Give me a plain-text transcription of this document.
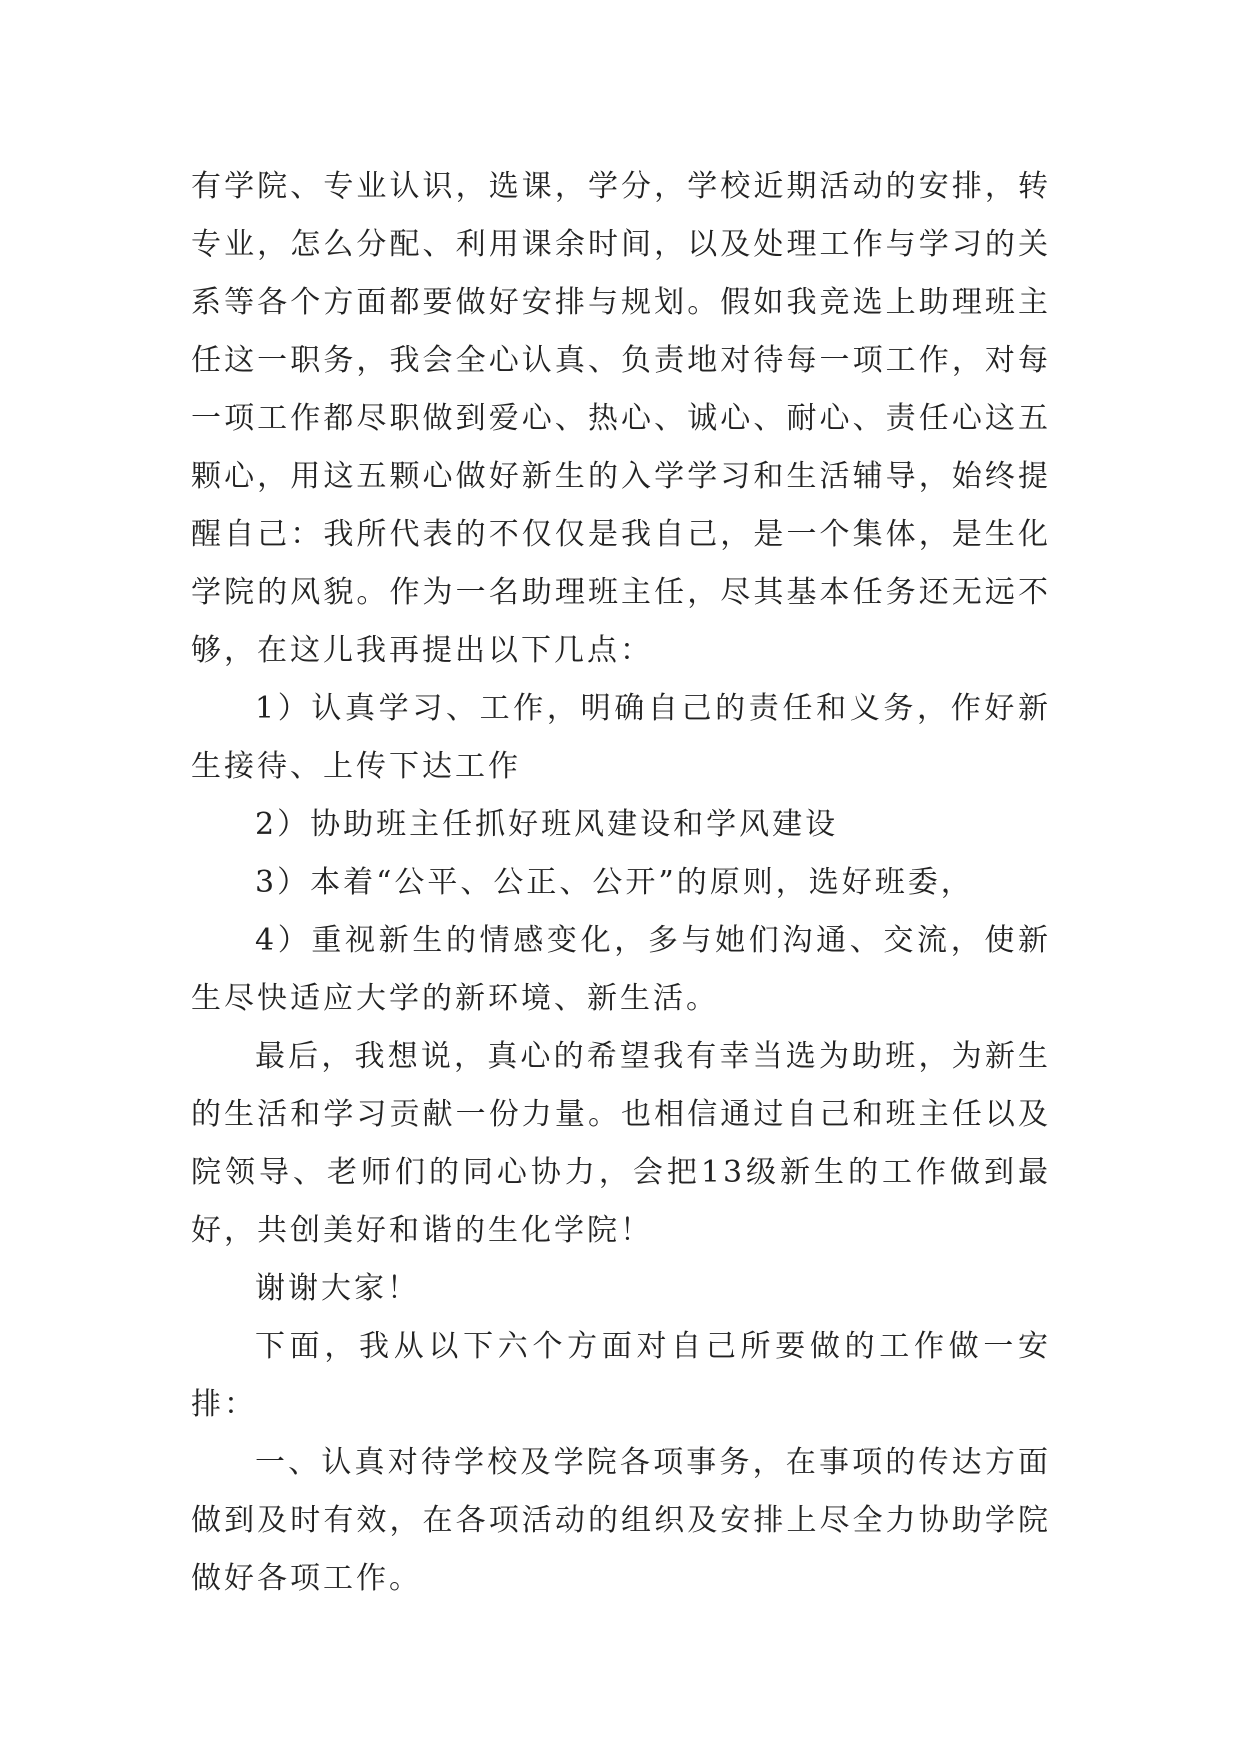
有学院、专业认识，选课，学分，学校近期活动的安排，转专业，怎么分配、利用课余时间，以及处理工作与学习的关系等各个方面都要做好安排与规划。假如我竞选上助理班主任这一职务，我会全心认真、负责地对待每一项工作，对每一项工作都尽职做到爱心、热心、诚心、耐心、责任心这五颗心，用这五颗心做好新生的入学学习和生活辅导，始终提醒自己：我所代表的不仅仅是我自己，是一个集体，是生化学院的风貌。作为一名助理班主任，尽其基本任务还无远不够，在这儿我再提出以下几点：

1）认真学习、工作，明确自己的责任和义务，作好新生接待、上传下达工作

2）协助班主任抓好班风建设和学风建设

3）本着“公平、公正、公开”的原则，选好班委，

4）重视新生的情感变化，多与她们沟通、交流，使新生尽快适应大学的新环境、新生活。

最后，我想说，真心的希望我有幸当选为助班，为新生的生活和学习贡献一份力量。也相信通过自己和班主任以及院领导、老师们的同心协力，会把13级新生的工作做到最好，共创美好和谐的生化学院！

谢谢大家！

下面，我从以下六个方面对自己所要做的工作做一安排：

一、认真对待学校及学院各项事务，在事项的传达方面做到及时有效，在各项活动的组织及安排上尽全力协助学院做好各项工作。
